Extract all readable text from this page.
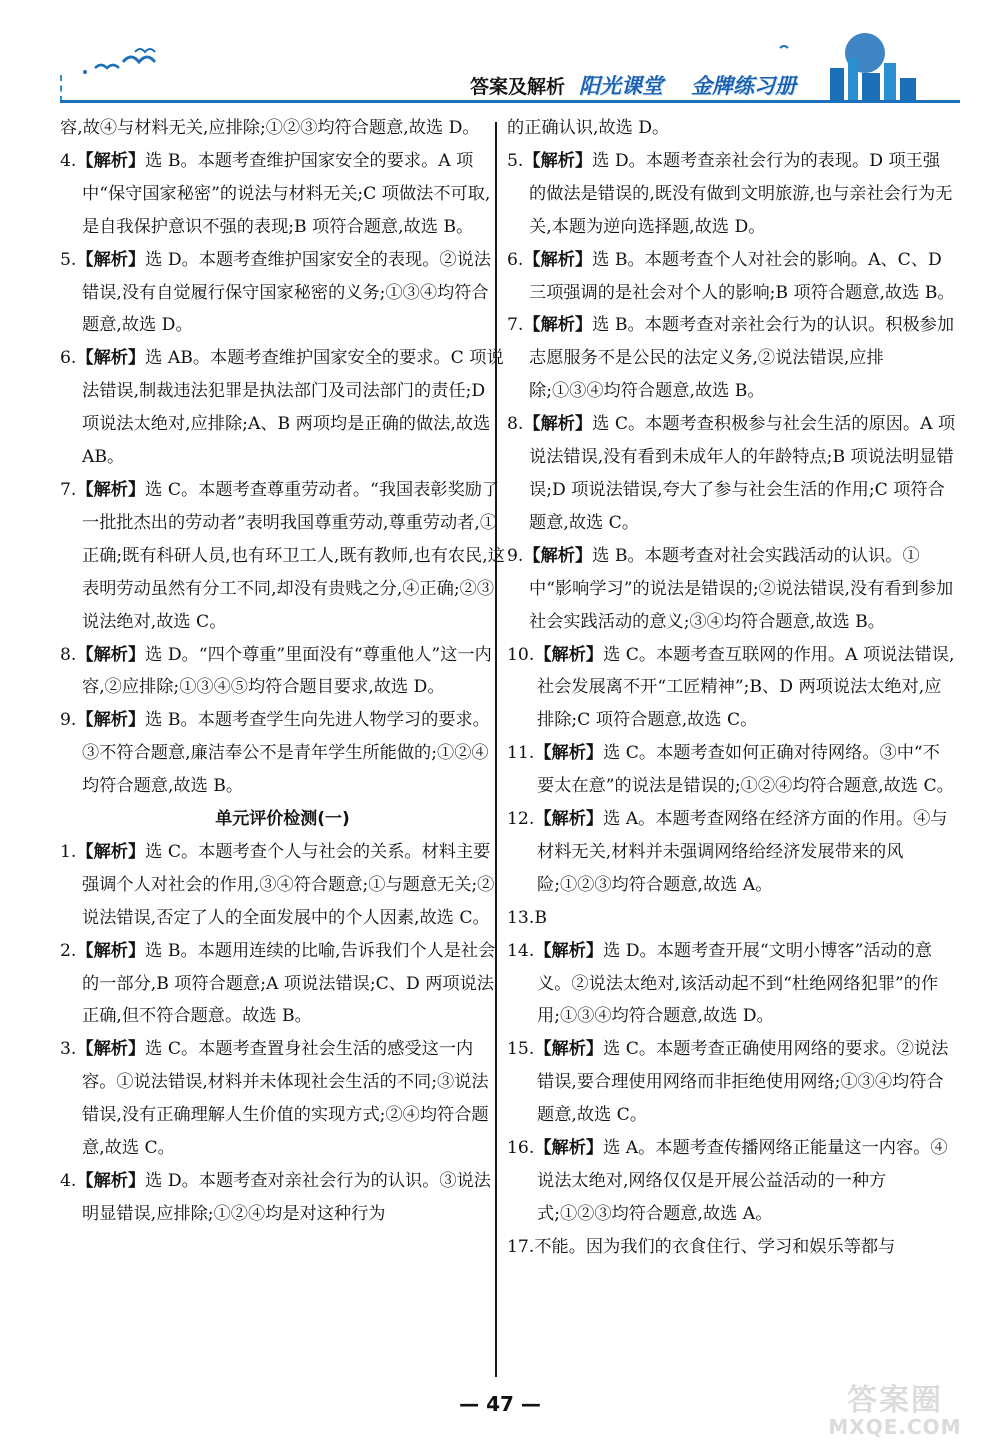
答案及解析 阳光课堂 金牌练习册
容,故④与材料无关,应排除;①②③均符合题意,故选 D。
4.【解析】选 B。本题考查维护国家安全的要求。A 项中“保守国家秘密”的说法与材料无关;C 项做法不可取,是自我保护意识不强的表现;B 项符合题意,故选 B。
5.【解析】选 D。本题考查维护国家安全的表现。②说法错误,没有自觉履行保守国家秘密的义务;①③④均符合题意,故选 D。
6.【解析】选 AB。本题考查维护国家安全的要求。C 项说法错误,制裁违法犯罪是执法部门及司法部门的责任;D 项说法太绝对,应排除;A、B 两项均是正确的做法,故选 AB。
7.【解析】选 C。本题考查尊重劳动者。“我国表彰奖励了一批批杰出的劳动者”表明我国尊重劳动,尊重劳动者,①正确;既有科研人员,也有环卫工人,既有教师,也有农民,这表明劳动虽然有分工不同,却没有贵贱之分,④正确;②③说法绝对,故选 C。
8.【解析】选 D。“四个尊重”里面没有“尊重他人”这一内容,②应排除;①③④⑤均符合题目要求,故选 D。
9.【解析】选 B。本题考查学生向先进人物学习的要求。③不符合题意,廉洁奉公不是青年学生所能做的;①②④均符合题意,故选 B。
单元评价检测(一)
1.【解析】选 C。本题考查个人与社会的关系。材料主要强调个人对社会的作用,③④符合题意;①与题意无关;②说法错误,否定了人的全面发展中的个人因素,故选 C。
2.【解析】选 B。本题用连续的比喻,告诉我们个人是社会的一部分,B 项符合题意;A 项说法错误;C、D 两项说法正确,但不符合题意。故选 B。
3.【解析】选 C。本题考查置身社会生活的感受这一内容。①说法错误,材料并未体现社会生活的不同;③说法错误,没有正确理解人生价值的实现方式;②④均符合题意,故选 C。
4.【解析】选 D。本题考查对亲社会行为的认识。③说法明显错误,应排除;①②④均是对这种行为
的正确认识,故选 D。
5.【解析】选 D。本题考查亲社会行为的表现。D 项王强的做法是错误的,既没有做到文明旅游,也与亲社会行为无关,本题为逆向选择题,故选 D。
6.【解析】选 B。本题考查个人对社会的影响。A、C、D 三项强调的是社会对个人的影响;B 项符合题意,故选 B。
7.【解析】选 B。本题考查对亲社会行为的认识。积极参加志愿服务不是公民的法定义务,②说法错误,应排除;①③④均符合题意,故选 B。
8.【解析】选 C。本题考查积极参与社会生活的原因。A 项说法错误,没有看到未成年人的年龄特点;B 项说法明显错误;D 项说法错误,夸大了参与社会生活的作用;C 项符合题意,故选 C。
9.【解析】选 B。本题考查对社会实践活动的认识。①中“影响学习”的说法是错误的;②说法错误,没有看到参加社会实践活动的意义;③④均符合题意,故选 B。
10.【解析】选 C。本题考查互联网的作用。A 项说法错误,社会发展离不开“工匠精神”;B、D 两项说法太绝对,应排除;C 项符合题意,故选 C。
11.【解析】选 C。本题考查如何正确对待网络。③中“不要太在意”的说法是错误的;①②④均符合题意,故选 C。
12.【解析】选 A。本题考查网络在经济方面的作用。④与材料无关,材料并未强调网络给经济发展带来的风险;①②③均符合题意,故选 A。
13.B
14.【解析】选 D。本题考查开展“文明小博客”活动的意义。②说法太绝对,该活动起不到“杜绝网络犯罪”的作用;①③④均符合题意,故选 D。
15.【解析】选 C。本题考查正确使用网络的要求。②说法错误,要合理使用网络而非拒绝使用网络;①③④均符合题意,故选 C。
16.【解析】选 A。本题考查传播网络正能量这一内容。④说法太绝对,网络仅仅是开展公益活动的一种方式;①②③均符合题意,故选 A。
17.不能。因为我们的衣食住行、学习和娱乐等都与
— 47 —	答案圈
MXQE.COM
